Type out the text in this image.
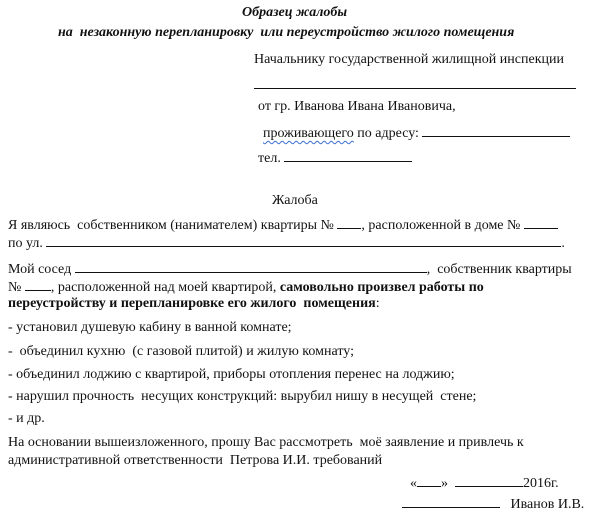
Образец жалобы
на  незаконную перепланировку  или переустройство жилого помещения
Начальнику государственной жилищной инспекции
от гр. Иванова Ивана Ивановича,
проживающего по адресу:
тел.
Жалоба
Я являюсь  собственником (нанимателем) квартиры № , расположенной в доме №
по ул.	.
Мой сосед	,  собственник квартиры
№ , расположенной над моей квартирой, самовольно произвел работы по
переустройству и перепланировке его жилого  помещения:
- установил душевую кабину в ванной комнате;
-  объединил кухню  (с газовой плитой) и жилую комнату;
- объединил лоджию с квартирой, приборы отопления перенес на лоджию;
- нарушил прочность  несущих конструкций: вырубил нишу в несущей  стене;
- и др.
На основании вышеизложенного, прошу Вас рассмотреть  моё заявление и привлечь к
административной ответственности  Петрова И.И. требований
« »	2016г.
Иванов И.В.
